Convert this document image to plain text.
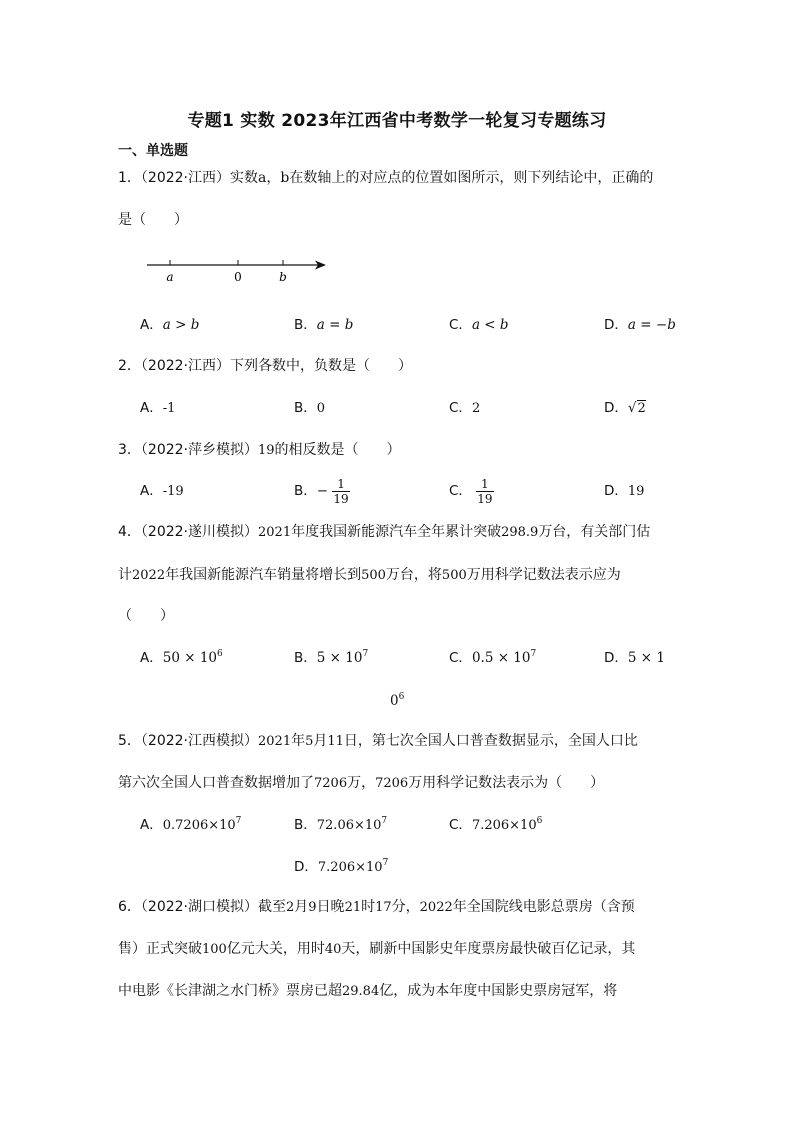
专题1 实数 2023年江西省中考数学一轮复习专题练习
一、单选题
1．（2022·江西）实数a，b在数轴上的对应点的位置如图所示，则下列结论中，正确的
是（　　）
a	0	b
A．a > b	B．a = b	C．a < b	D．a = −b
2．（2022·江西）下列各数中，负数是（　　）
A．-1	B．0	C．2	D．√2
3．（2022·萍乡模拟）19的相反数是（　　）
A．-19	B．− $\frac{1}{19}$	C． $\frac{1}{19}$	D．19
4．（2022·遂川模拟）2021年度我国新能源汽车全年累计突破298.9万台，有关部门估
计2022年我国新能源汽车销量将增长到500万台，将500万用科学记数法表示应为
（　　）
A．$50 \times 10^6$	B．$5 \times 10^7$	C．$0.5 \times 10^7$	D．5 × 1
$0^6$
5．（2022·江西模拟）2021年5月11日，第七次全国人口普查数据显示，全国人口比
第六次全国人口普查数据增加了7206万，7206万用科学记数法表示为（　　）
A．$0.7206\times 10^7$	B．$72.06\times 10^7$	C．$7.206\times 10^6$
D．$7.206\times 10^7$
6．（2022·湖口模拟）截至2月9日晚21时17分，2022年全国院线电影总票房（含预
售）正式突破100亿元大关，用时40天，刷新中国影史年度票房最快破百亿记录，其
中电影《长津湖之水门桥》票房已超29.84亿，成为本年度中国影史票房冠军，将
